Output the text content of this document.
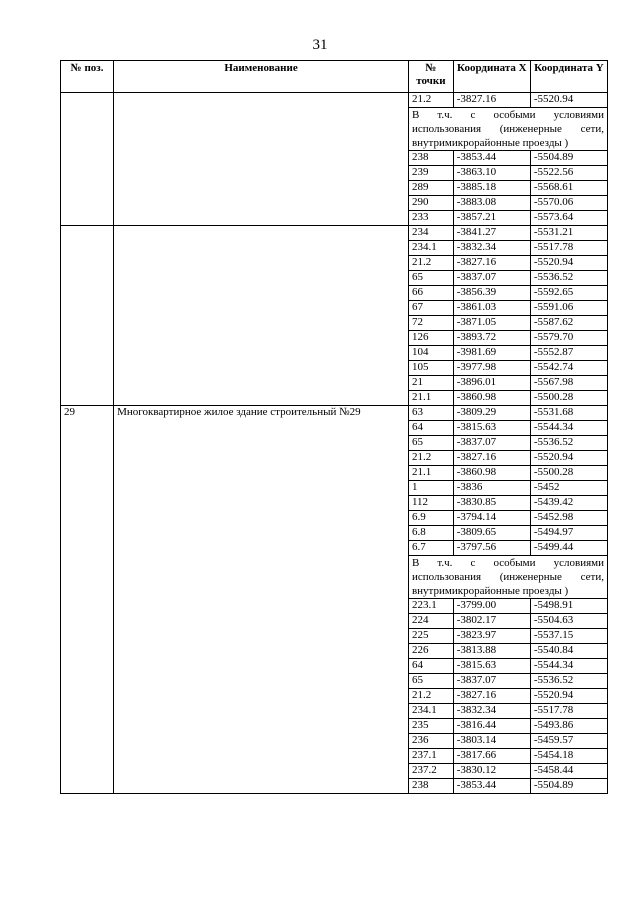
31
№ поз.	Наименование	№ точки	Координата X	Координата Y
		21.2	-3827.16	-5520.94
		В т.ч. с особыми условиями использования (инженерные сети, внутримикрорайонные проезды )		
		238	-3853.44	-5504.89
		239	-3863.10	-5522.56
		289	-3885.18	-5568.61
		290	-3883.08	-5570.06
		233	-3857.21	-5573.64
		234	-3841.27	-5531.21
		234.1	-3832.34	-5517.78
		21.2	-3827.16	-5520.94
		65	-3837.07	-5536.52
		66	-3856.39	-5592.65
		67	-3861.03	-5591.06
		72	-3871.05	-5587.62
		126	-3893.72	-5579.70
		104	-3981.69	-5552.87
		105	-3977.98	-5542.74
		21	-3896.01	-5567.98
		21.1	-3860.98	-5500.28
29	Многоквартирное жилое здание строительный №29	63	-3809.29	-5531.68
		64	-3815.63	-5544.34
		65	-3837.07	-5536.52
		21.2	-3827.16	-5520.94
		21.1	-3860.98	-5500.28
		1	-3836	-5452
		112	-3830.85	-5439.42
		6.9	-3794.14	-5452.98
		6.8	-3809.65	-5494.97
		6.7	-3797.56	-5499.44
		В т.ч. с особыми условиями использования (инженерные сети, внутримикрорайонные проезды )		
		223.1	-3799.00	-5498.91
		224	-3802.17	-5504.63
		225	-3823.97	-5537.15
		226	-3813.88	-5540.84
		64	-3815.63	-5544.34
		65	-3837.07	-5536.52
		21.2	-3827.16	-5520.94
		234.1	-3832.34	-5517.78
		235	-3816.44	-5493.86
		236	-3803.14	-5459.57
		237.1	-3817.66	-5454.18
		237.2	-3830.12	-5458.44
		238	-3853.44	-5504.89
